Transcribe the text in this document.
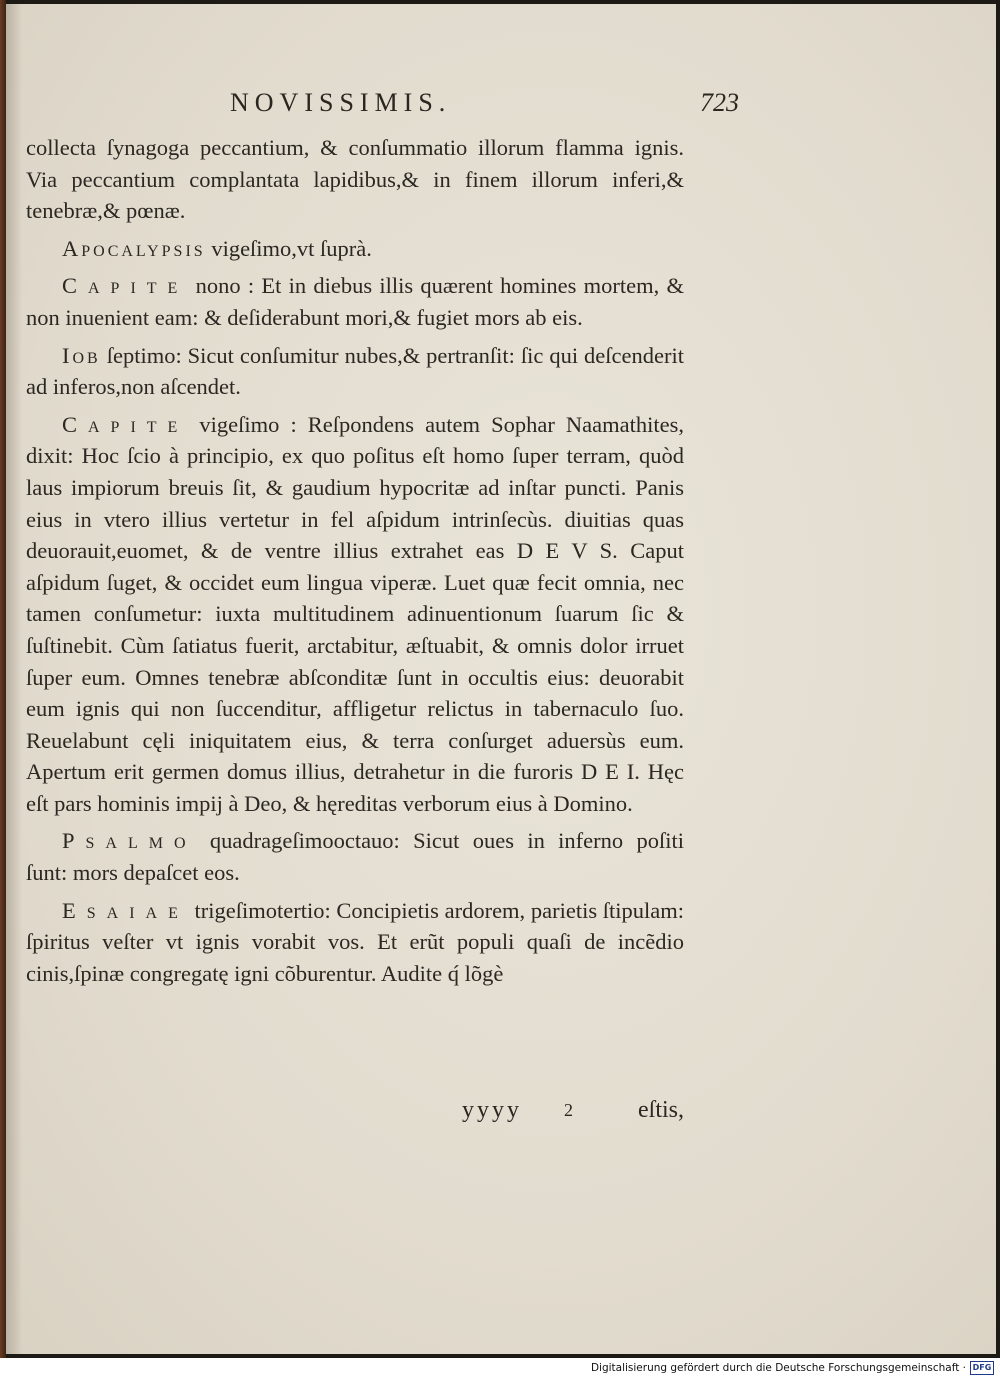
NOVISSIMIS.	723

collecta ſynagoga peccantium, & conſummatio illorum flamma ignis. Via peccantium complantata lapidibus,& in finem illorum inferi,& tenebræ,& pœnæ.

Apocalypsis vigeſimo,vt ſuprà.

Capite nono : Et in diebus illis quærent homines mortem, & non inuenient eam: & deſiderabunt mori,& fugiet mors ab eis.

Iob ſeptimo: Sicut conſumitur nubes,& pertranſit: ſic qui deſcenderit ad inferos,non aſcendet.

Capite vigeſimo : Reſpondens autem Sophar Naamathites, dixit: Hoc ſcio à principio, ex quo poſitus eſt homo ſuper terram, quòd laus impiorum breuis ſit, & gaudium hypocritæ ad inſtar puncti. Panis eius in vtero illius vertetur in fel aſpidum intrinſecùs. diuitias quas deuorauit,euomet, & de ventre illius extrahet eas D E V S. Caput aſpidum ſuget, & occidet eum lingua viperæ. Luet quæ fecit omnia, nec tamen conſumetur: iuxta multitudinem adinuentionum ſuarum ſic & ſuſtinebit. Cùm ſatiatus fuerit, arctabitur, æſtuabit, & omnis dolor irruet ſuper eum. Omnes tenebræ abſconditæ ſunt in occultis eius: deuorabit eum ignis qui non ſuccenditur, affligetur relictus in tabernaculo ſuo. Reuelabunt cęli iniquitatem eius, & terra conſurget aduersùs eum. Apertum erit germen domus illius, detrahetur in die furoris D E I. Hęc eſt pars hominis impij à Deo, & hęreditas verborum eius à Domino.

Psalmo quadrageſimooctauo: Sicut oues in inferno poſiti ſunt: mors depaſcet eos.

Esaiae trigeſimotertio: Concipietis ardorem, parietis ſtipulam: ſpiritus veſter vt ignis vorabit vos. Et erũt populi quaſi de incẽdio cinis,ſpinæ congregatę igni cõburentur. Audite q́ lõgè

yyyy 2	eſtis,
Digitalisierung gefördert durch die Deutsche Forschungsgemeinschaft · DFG
